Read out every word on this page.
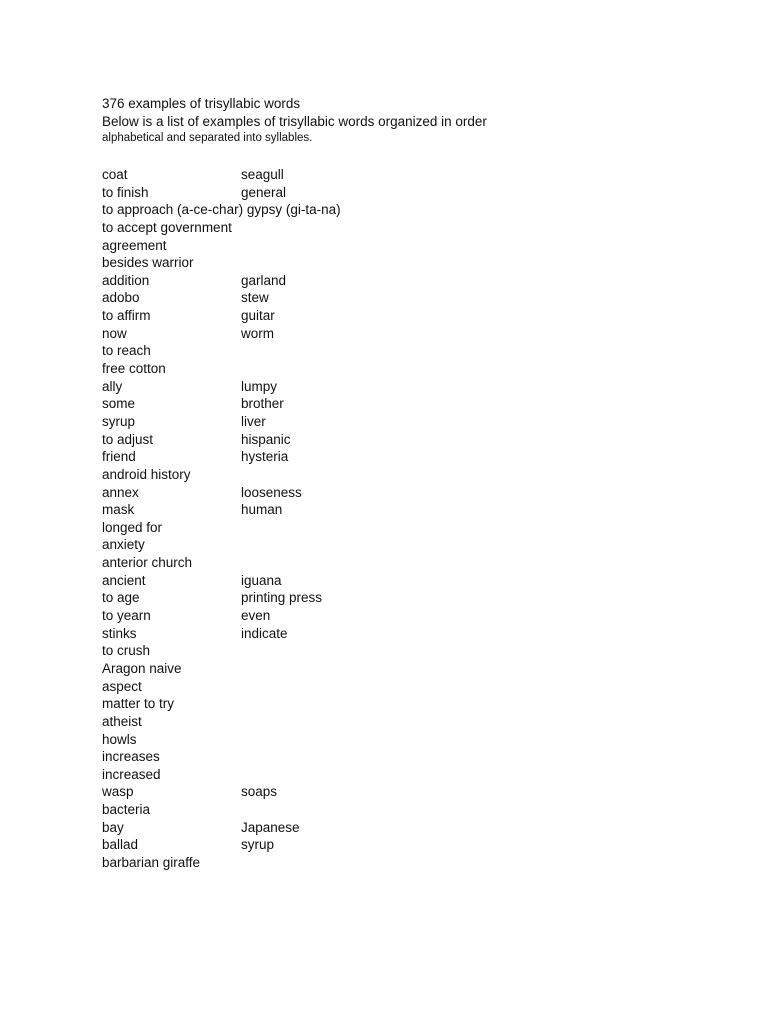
376 examples of trisyllabic words
Below is a list of examples of trisyllabic words organized in order
alphabetical and separated into syllables.
coat	seagull
to finish	general
to approach (a-ce-char) gypsy (gi-ta-na)
to accept government
agreement
besides warrior
addition	garland
adobo	stew
to affirm	guitar
now	worm
to reach
free cotton
ally	lumpy
some	brother
syrup	liver
to adjust	hispanic
friend	hysteria
android history
annex	looseness
mask	human
longed for
anxiety
anterior church
ancient	iguana
to age	printing press
to yearn	even
stinks	indicate
to crush
Aragon naive
aspect
matter to try
atheist
howls
increases
increased
wasp	soaps
bacteria
bay	Japanese
ballad	syrup
barbarian giraffe
